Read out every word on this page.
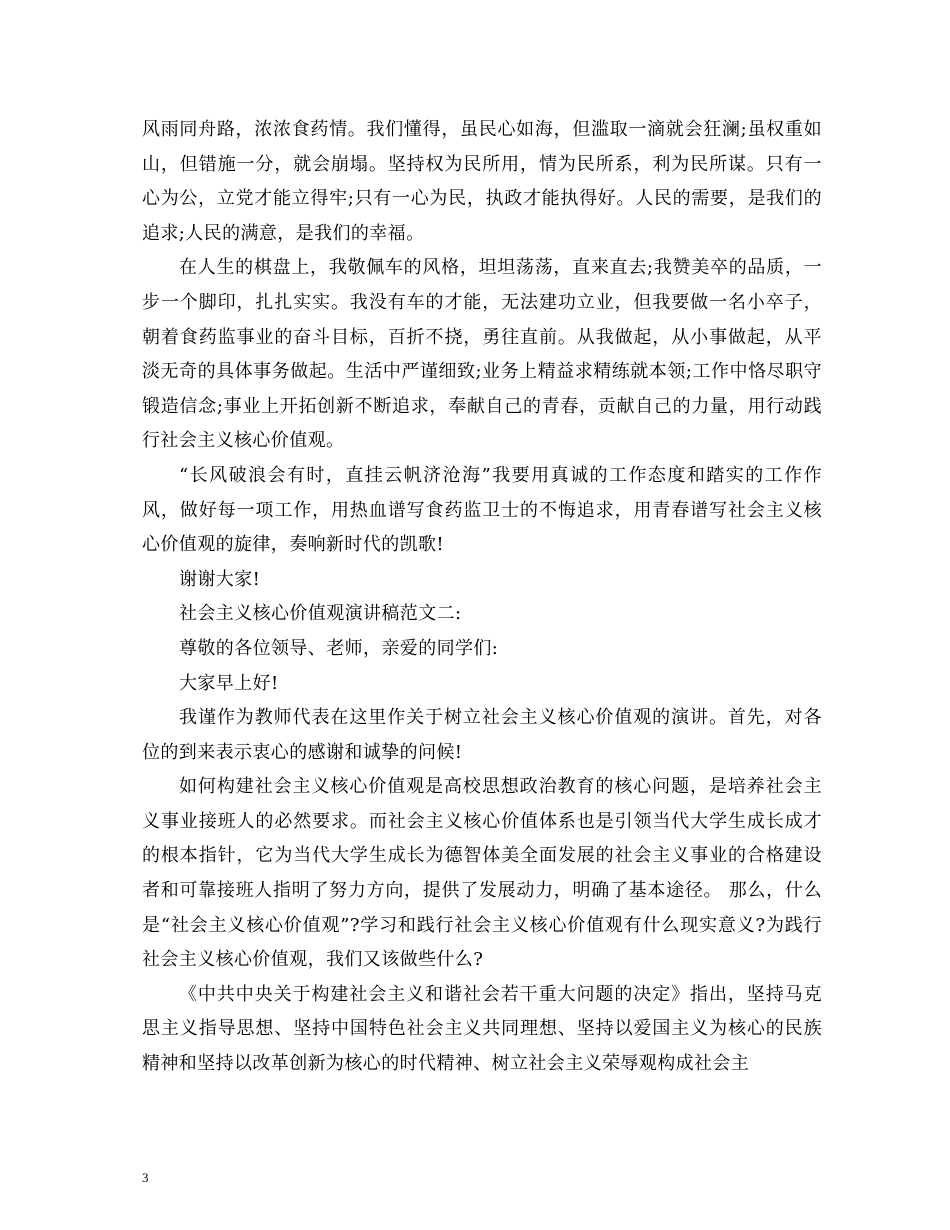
风雨同舟路，浓浓食药情。我们懂得，虽民心如海，但滥取一滴就会狂澜;虽权重如山，但错施一分，就会崩塌。坚持权为民所用，情为民所系，利为民所谋。只有一心为公，立党才能立得牢;只有一心为民，执政才能执得好。人民的需要，是我们的追求;人民的满意，是我们的幸福。

在人生的棋盘上，我敬佩车的风格，坦坦荡荡，直来直去;我赞美卒的品质，一步一个脚印，扎扎实实。我没有车的才能，无法建功立业，但我要做一名小卒子，朝着食药监事业的奋斗目标，百折不挠，勇往直前。从我做起，从小事做起，从平淡无奇的具体事务做起。生活中严谨细致;业务上精益求精练就本领;工作中恪尽职守锻造信念;事业上开拓创新不断追求，奉献自己的青春，贡献自己的力量，用行动践行社会主义核心价值观。

“长风破浪会有时，直挂云帆济沧海”我要用真诚的工作态度和踏实的工作作风，做好每一项工作，用热血谱写食药监卫士的不悔追求，用青春谱写社会主义核心价值观的旋律，奏响新时代的凯歌!

谢谢大家!

社会主义核心价值观演讲稿范文二:

尊敬的各位领导、老师，亲爱的同学们:

大家早上好!

我谨作为教师代表在这里作关于树立社会主义核心价值观的演讲。首先，对各位的到来表示衷心的感谢和诚挚的问候!

如何构建社会主义核心价值观是高校思想政治教育的核心问题，是培养社会主义事业接班人的必然要求。而社会主义核心价值体系也是引领当代大学生成长成才的根本指针，它为当代大学生成长为德智体美全面发展的社会主义事业的合格建设者和可靠接班人指明了努力方向，提供了发展动力，明确了基本途径。 那么，什么是“社会主义核心价值观”?学习和践行社会主义核心价值观有什么现实意义?为践行社会主义核心价值观，我们又该做些什么?

《中共中央关于构建社会主义和谐社会若干重大问题的决定》指出，坚持马克思主义指导思想、坚持中国特色社会主义共同理想、坚持以爱国主义为核心的民族精神和坚持以改革创新为核心的时代精神、树立社会主义荣辱观构成社会主

3
